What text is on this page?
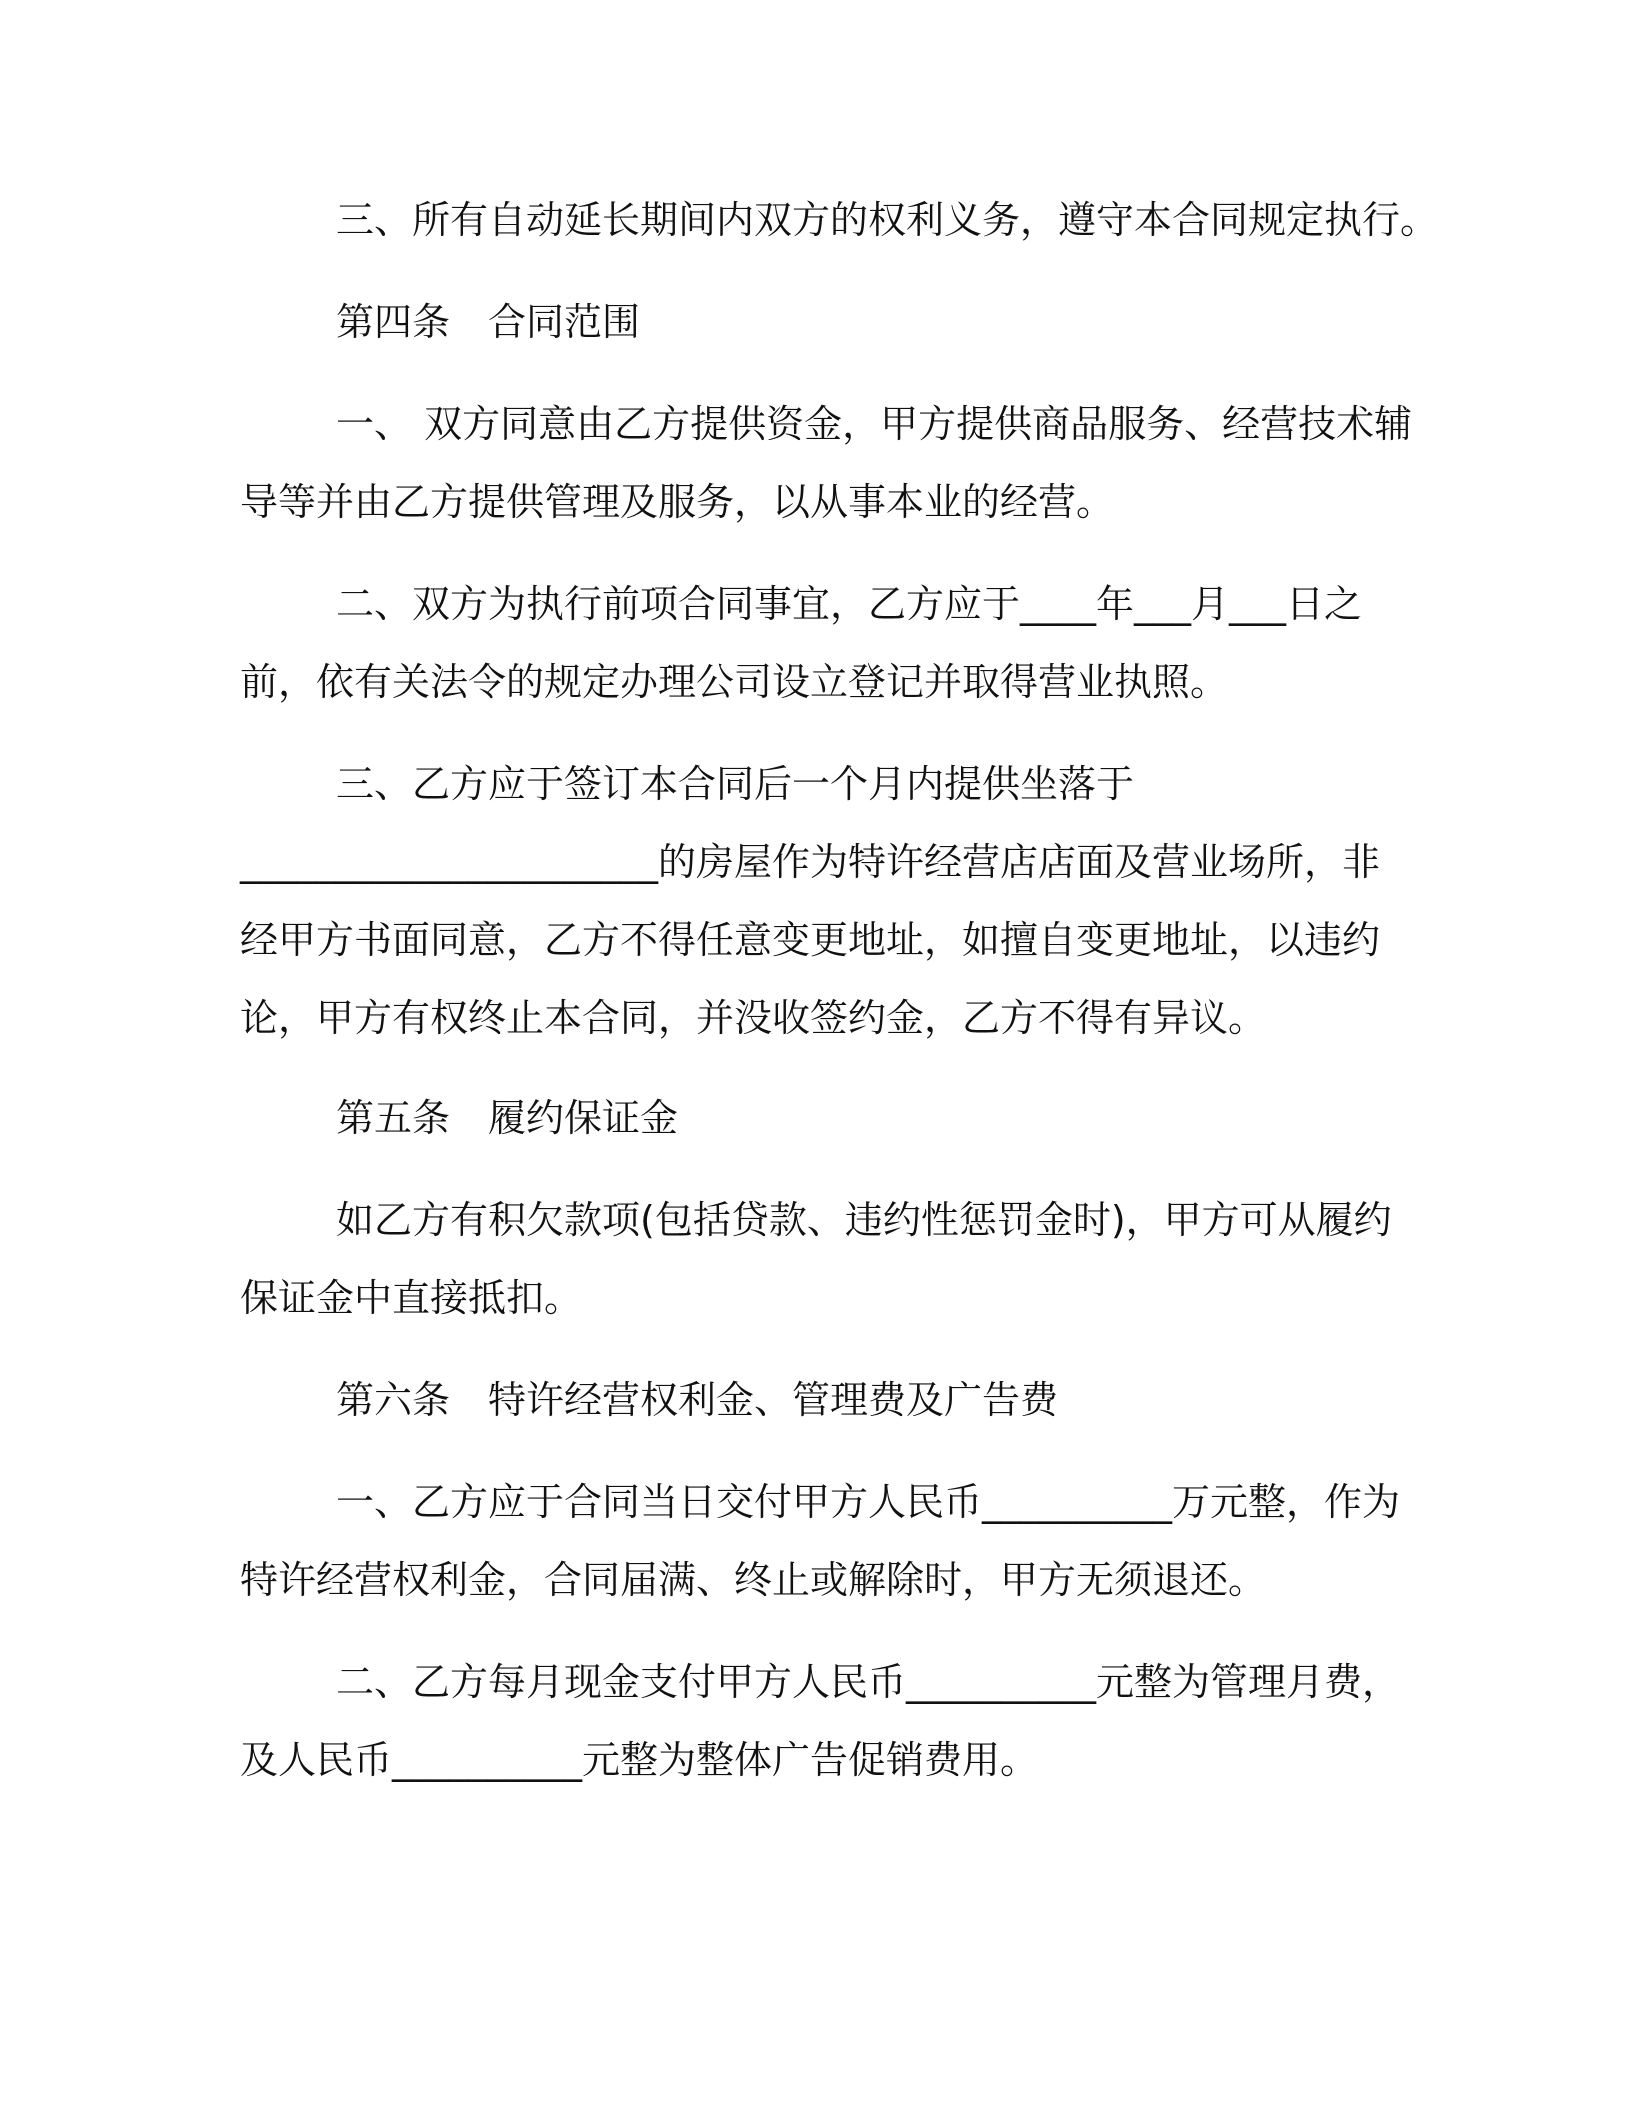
三、所有自动延长期间内双方的权利义务，遵守本合同规定执行。
第四条　合同范围
一、 双方同意由乙方提供资金，甲方提供商品服务、经营技术辅
导等并由乙方提供管理及服务，以从事本业的经营。
二、双方为执行前项合同事宜，乙方应于____年___月___日之
前，依有关法令的规定办理公司设立登记并取得营业执照。
三、乙方应于签订本合同后一个月内提供坐落于
______________________的房屋作为特许经营店店面及营业场所，非
经甲方书面同意，乙方不得任意变更地址，如擅自变更地址，以违约
论，甲方有权终止本合同，并没收签约金，乙方不得有异议。
第五条　履约保证金
如乙方有积欠款项(包括贷款、违约性惩罚金时)，甲方可从履约
保证金中直接抵扣。
第六条　特许经营权利金、管理费及广告费
一、乙方应于合同当日交付甲方人民币__________万元整，作为
特许经营权利金，合同届满、终止或解除时，甲方无须退还。
二、乙方每月现金支付甲方人民币__________元整为管理月费，
及人民币__________元整为整体广告促销费用。
